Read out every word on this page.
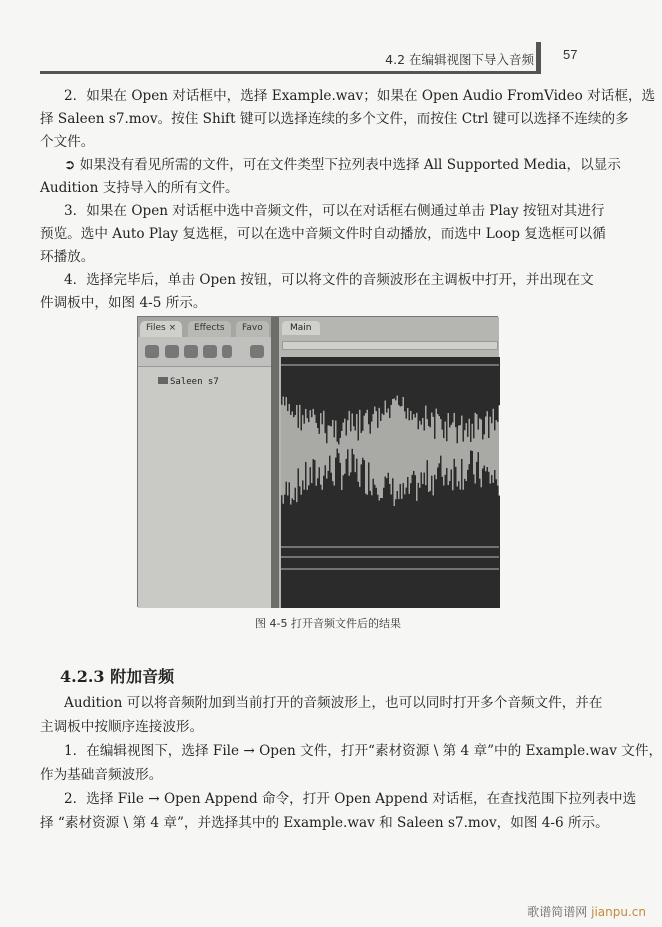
4.2 在编辑视图下导入音频 57
2．如果在 Open 对话框中，选择 Example.wav；如果在 Open Audio FromVideo 对话框，选
择 Saleen s7.mov。按住 Shift 键可以选择连续的多个文件，而按住 Ctrl 键可以选择不连续的多
个文件。
➲ 如果没有看见所需的文件，可在文件类型下拉列表中选择 All Supported Media，以显示
Audition 支持导入的所有文件。
3．如果在 Open 对话框中选中音频文件，可以在对话框右侧通过单击 Play 按钮对其进行
预览。选中 Auto Play 复选框，可以在选中音频文件时自动播放，而选中 Loop 复选框可以循
环播放。
4．选择完毕后，单击 Open 按钮，可以将文件的音频波形在主调板中打开，并出现在文
件调板中，如图 4-5 所示。
Files ×	Effects	Favo
Saleen s7
Main
图 4-5 打开音频文件后的结果
4.2.3 附加音频
Audition 可以将音频附加到当前打开的音频波形上，也可以同时打开多个音频文件，并在
主调板中按顺序连接波形。
1．在编辑视图下，选择 File → Open 文件，打开“素材资源 \ 第 4 章”中的 Example.wav 文件，
作为基础音频波形。
2．选择 File → Open Append 命令，打开 Open Append 对话框，在查找范围下拉列表中选
择 “素材资源 \ 第 4 章”，并选择其中的 Example.wav 和 Saleen s7.mov，如图 4-6 所示。
歌谱简谱网 jianpu.cn
